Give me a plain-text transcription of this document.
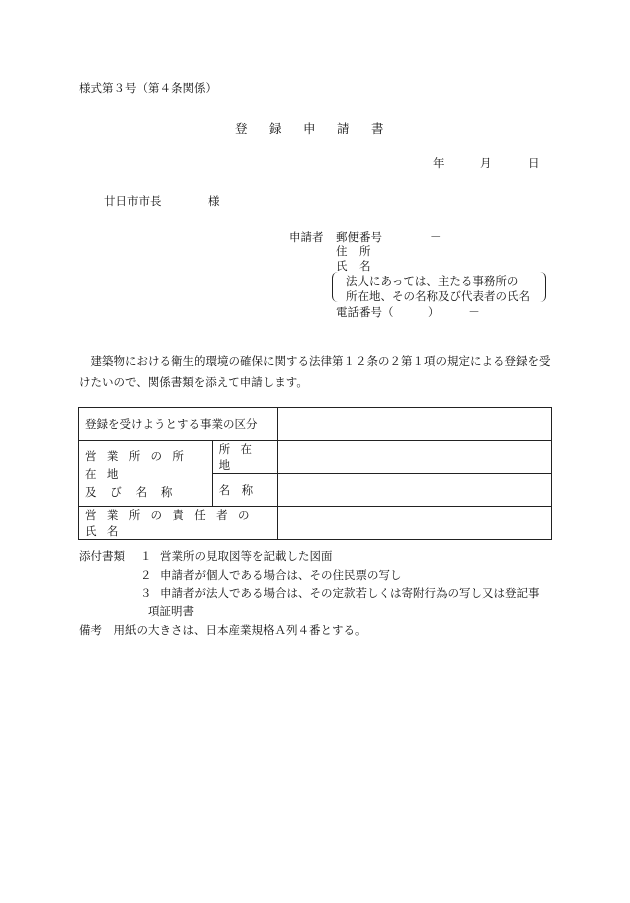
様式第３号（第４条関係）
登 録 申 請 書
年	月	日
廿日市市長	様
申請者 郵便番号	－
住　所
氏　名
法人にあっては、主たる事務所の
所在地、その名称及び代表者の氏名
電話番号（　　　）　　　－
建築物における衛生的環境の確保に関する法律第１２条の２第１項の規定による登録を受けたいので、関係書類を添えて申請します。
登録を受けようとする事業の区分		

営業所の所在地
及び名称	所在地	
	名　称	
営業所の責任者の氏名		
添付書類 １ 営業所の見取図等を記載した図面
２ 申請者が個人である場合は、その住民票の写し
３ 申請者が法人である場合は、その定款若しくは寄附行為の写し又は登記事
項証明書
備考　用紙の大きさは、日本産業規格Ａ列４番とする。
